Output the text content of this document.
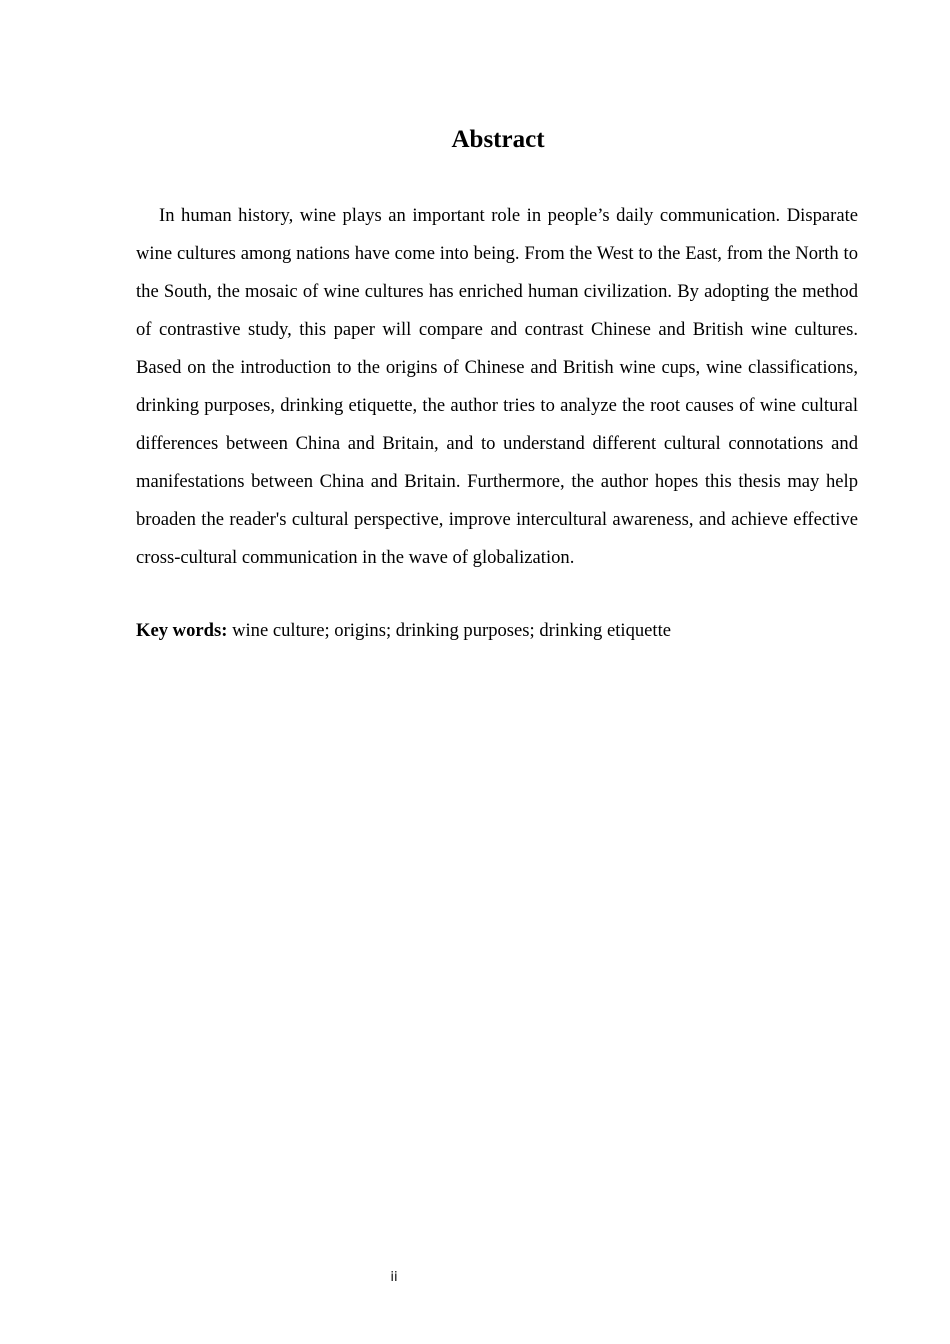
Abstract

In human history, wine plays an important role in people’s daily communication. Disparate wine cultures among nations have come into being. From the West to the East, from the North to the South, the mosaic of wine cultures has enriched human civilization. By adopting the method of contrastive study, this paper will compare and contrast Chinese and British wine cultures. Based on the introduction to the origins of Chinese and British wine cups, wine classifications, drinking purposes, drinking etiquette, the author tries to analyze the root causes of wine cultural differences between China and Britain, and to understand different cultural connotations and manifestations between China and Britain. Furthermore, the author hopes this thesis may help broaden the reader's cultural perspective, improve intercultural awareness, and achieve effective cross-cultural communication in the wave of globalization.

Key words: wine culture; origins; drinking purposes; drinking etiquette

ii
